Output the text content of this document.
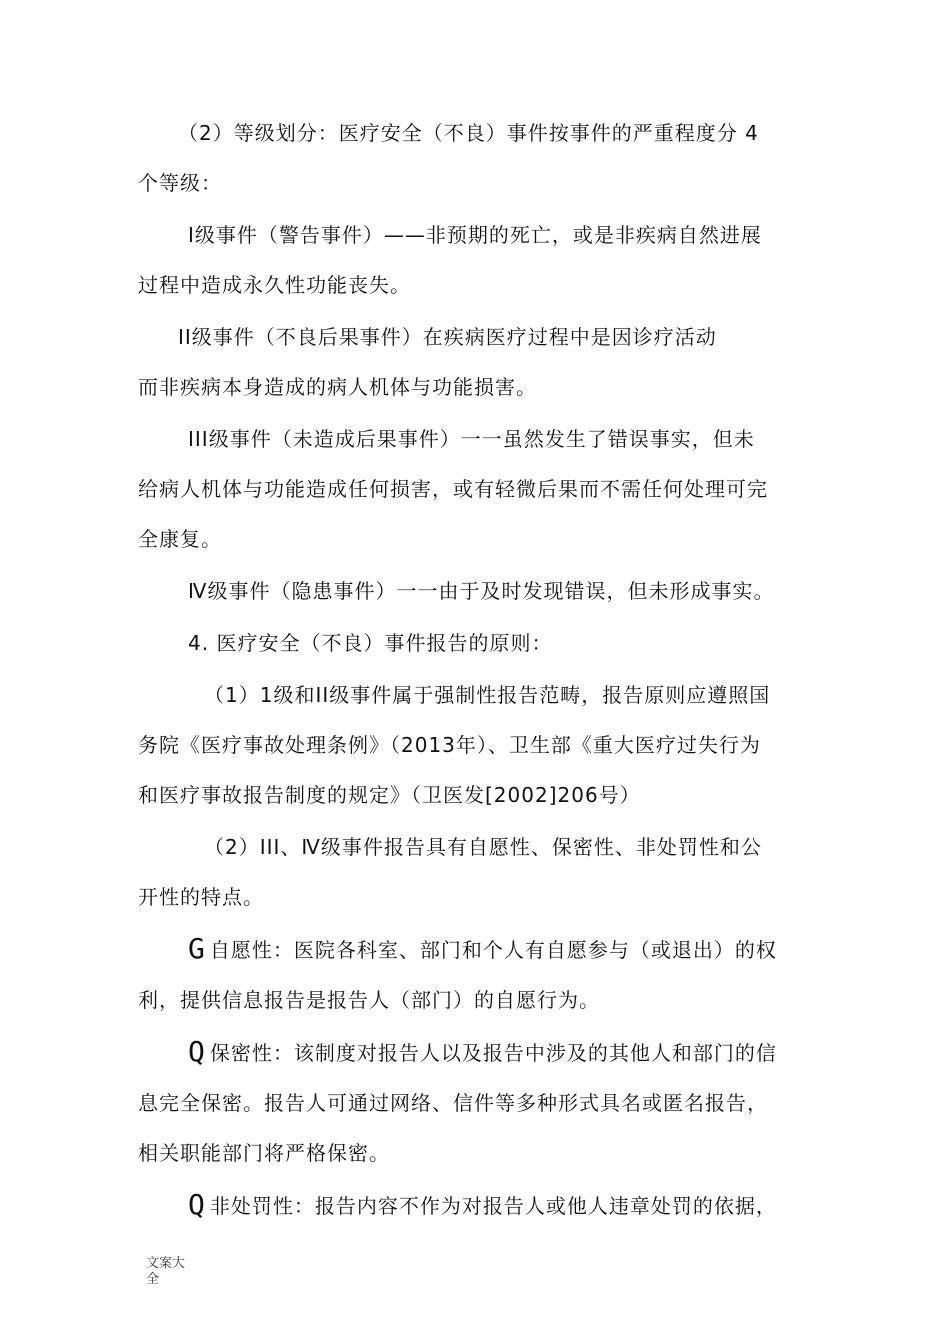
（2）等级划分：医疗安全（不良）事件按事件的严重程度分 4
个等级：

Ⅰ级事件（警告事件）——非预期的死亡，或是非疾病自然进展
过程中造成永久性功能丧失。

ⅠⅠ级事件（不良后果事件）在疾病医疗过程中是因诊疗活动
而非疾病本身造成的病人机体与功能损害。

ⅠⅠⅠ级事件（未造成后果事件）一一虽然发生了错误事实，但未
给病人机体与功能造成任何损害，或有轻微后果而不需任何处理可完
全康复。

Ⅳ级事件（隐患事件）一一由于及时发现错误，但未形成事实。

4. 医疗安全（不良）事件报告的原则：

（1）1级和ⅠⅠ级事件属于强制性报告范畴，报告原则应遵照国
务院《医疗事故处理条例》（2013年）、卫生部《重大医疗过失行为
和医疗事故报告制度的规定》（卫医发[2002]206号）

（2）ⅠⅠⅠ、Ⅳ级事件报告具有自愿性、保密性、非处罚性和公
开性的特点。

G 自愿性：医院各科室、部门和个人有自愿参与（或退出）的权
利，提供信息报告是报告人（部门）的自愿行为。

Q 保密性：该制度对报告人以及报告中涉及的其他人和部门的信
息完全保密。报告人可通过网络、信件等多种形式具名或匿名报告，
相关职能部门将严格保密。

Q 非处罚性：报告内容不作为对报告人或他人违章处罚的依据，

文案大
全
